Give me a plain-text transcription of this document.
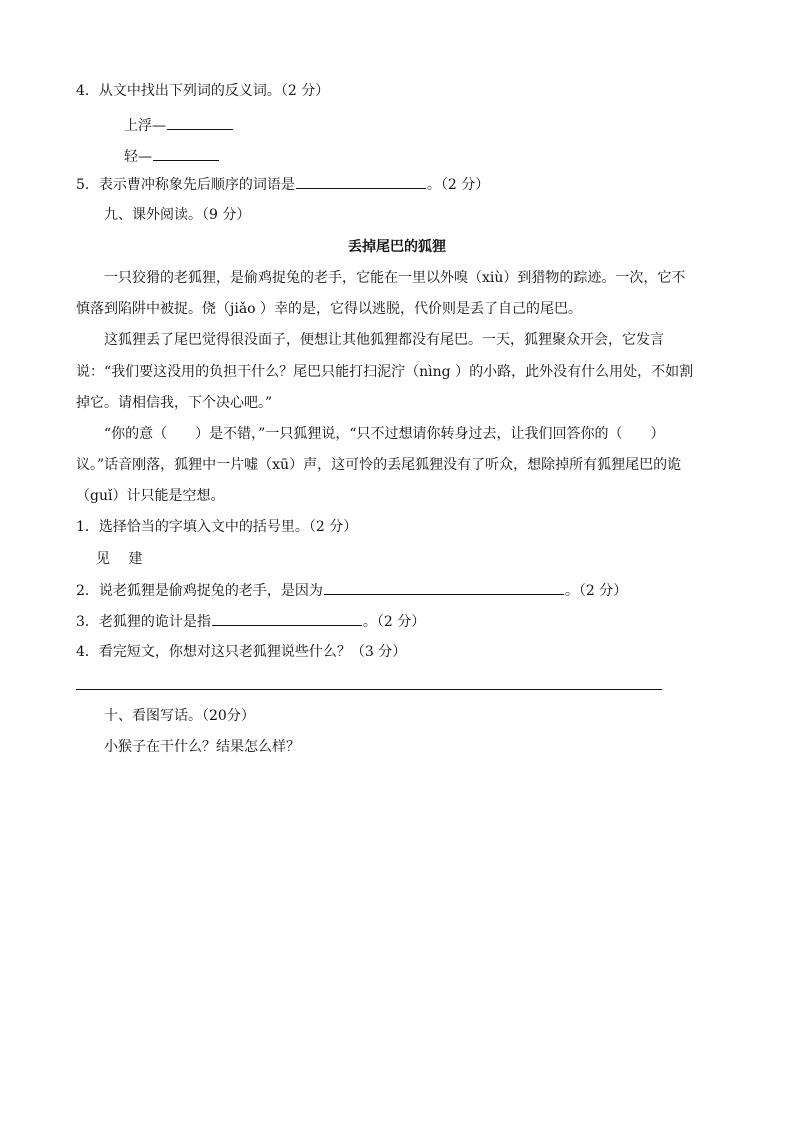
4．从文中找出下列词的反义词。（2 分）
上浮—
轻—
5．表示曹冲称象先后顺序的词语是	。（2 分）
九、课外阅读。（9 分）
丢掉尾巴的狐狸
一只狡猾的老狐狸，是偷鸡捉兔的老手，它能在一里以外嗅（xiù）到猎物的踪迹。一次，它不
慎落到陷阱中被捉。侥（jiǎo ）幸的是，它得以逃脱，代价则是丢了自己的尾巴。
这狐狸丢了尾巴觉得很没面子，便想让其他狐狸都没有尾巴。一天，狐狸聚众开会，它发言
说：“我们要这没用的负担干什么？尾巴只能打扫泥泞（nìng ）的小路，此外没有什么用处，不如割
掉它。请相信我，下个决心吧。”
“你的意（　　）是不错，”一只狐狸说，“只不过想请你转身过去，让我们回答你的（　　）
议。”话音刚落，狐狸中一片嘘（xū）声，这可怜的丢尾狐狸没有了听众，想除掉所有狐狸尾巴的诡
（guǐ）计只能是空想。
1．选择恰当的字填入文中的括号里。（2 分）
见　 建
2．说老狐狸是偷鸡捉兔的老手，是因为	。（2 分）
3．老狐狸的诡计是指	。（2 分）
4．看完短文，你想对这只老狐狸说些什么？（3 分）
十、看图写话。（20分）
小猴子在干什么？结果怎么样？
